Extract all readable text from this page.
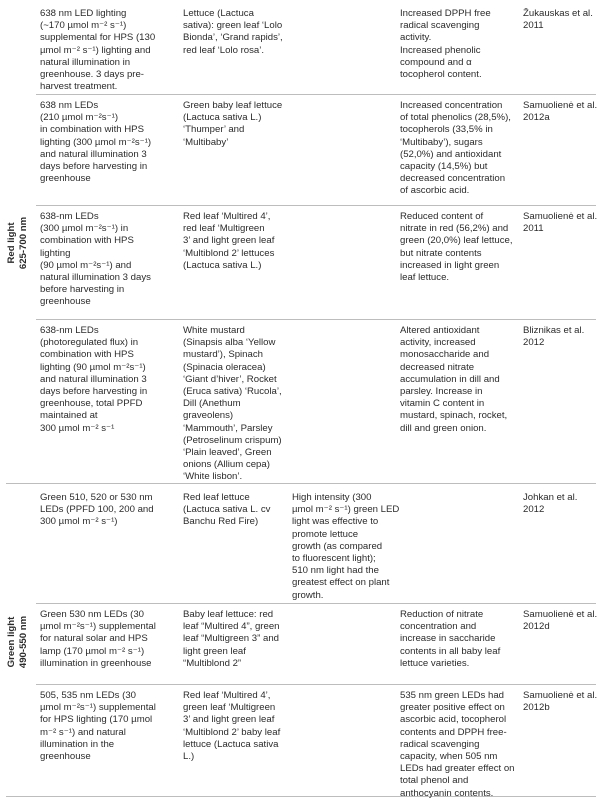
Red light 625-700 nm
Green light 490-550 nm
638 nm LED lighting
(~170 µmol m⁻² s⁻¹)
supplemental for HPS (130
µmol m⁻² s⁻¹) lighting and
natural illumination in
greenhouse. 3 days pre-
harvest treatment.
Lettuce (Lactuca
sativa): green leaf ‘Lolo
Bionda’, ‘Grand rapids’,
red leaf ‘Lolo rosa’.
Increased DPPH free
radical scavenging
activity.
Increased phenolic
compound and α
tocopherol content.
Žukauskas et al.
2011
638 nm LEDs
(210 µmol m⁻²s⁻¹)
in combination with HPS
lighting (300 µmol m⁻²s⁻¹)
and natural illumination 3
days before harvesting in
greenhouse
Green baby leaf lettuce
(Lactuca sativa L.)
‘Thumper’ and
‘Multibaby’
Increased concentration
of total phenolics (28,5%),
tocopherols (33,5% in
‘Multibaby’), sugars
(52,0%) and antioxidant
capacity (14,5%) but
decreased concentration
of ascorbic acid.
Samuolienė et al.
2012a
638-nm LEDs
(300 µmol m⁻²s⁻¹) in
combination with HPS
lighting
(90 µmol m⁻²s⁻¹) and
natural illumination 3 days
before harvesting in
greenhouse
Red leaf ‘Multired 4’,
red leaf ‘Multigreen
3’ and light green leaf
‘Multiblond 2’ lettuces
(Lactuca sativa L.)
Reduced content of
nitrate in red (56,2%) and
green (20,0%) leaf lettuce,
but nitrate contents
increased in light green
leaf lettuce.
Samuolienė et al.
2011
638-nm LEDs
(photoregulated flux) in
combination with HPS
lighting (90 µmol m⁻²s⁻¹)
and natural illumination 3
days before harvesting in
greenhouse, total PPFD
maintained at
300 µmol m⁻² s⁻¹
White mustard
(Sinapsis alba ‘Yellow
mustard’), Spinach
(Spinacia oleracea)
‘Giant d’hiver’, Rocket
(Eruca sativa) ‘Rucola’,
Dill (Anethum
graveolens)
‘Mammouth’, Parsley
(Petroselinum crispum)
‘Plain leaved’, Green
onions (Allium cepa)
‘White lisbon’.
Altered antioxidant
activity, increased
monosaccharide and
decreased nitrate
accumulation in dill and
parsley. Increase in
vitamin C content in
mustard, spinach, rocket,
dill and green onion.
Bliznikas et al.
2012
Green 510, 520 or 530 nm
LEDs (PPFD 100, 200 and
300 µmol m⁻² s⁻¹)
Red leaf lettuce
(Lactuca sativa L. cv
Banchu Red Fire)
High intensity (300
µmol m⁻² s⁻¹) green LED
light was effective to
promote lettuce
growth (as compared
to fluorescent light);
510 nm light had the
greatest effect on plant
growth.
Johkan et al.
2012
Green 530 nm LEDs (30
µmol m⁻²s⁻¹) supplemental
for natural solar and HPS
lamp (170 µmol m⁻² s⁻¹)
illumination in greenhouse
Baby leaf lettuce: red
leaf “Multired 4”, green
leaf “Multigreen 3” and
light green leaf
“Multiblond 2”
Reduction of nitrate
concentration and
increase in saccharide
contents in all baby leaf
lettuce varieties.
Samuolienė et al.
2012d
505, 535 nm LEDs (30
µmol m⁻²s⁻¹) supplemental
for HPS lighting (170 µmol
m⁻² s⁻¹) and natural
illumination in the
greenhouse
Red leaf ‘Multired 4’,
green leaf ‘Multigreen
3’ and light green leaf
‘Multiblond 2’ baby leaf
lettuce (Lactuca sativa
L.)
535 nm green LEDs had
greater positive effect on
ascorbic acid, tocopherol
contents and DPPH free-
radical scavenging
capacity, when 505 nm
LEDs had greater effect on
total phenol and
anthocyanin contents.
Samuolienė et al.
2012b
